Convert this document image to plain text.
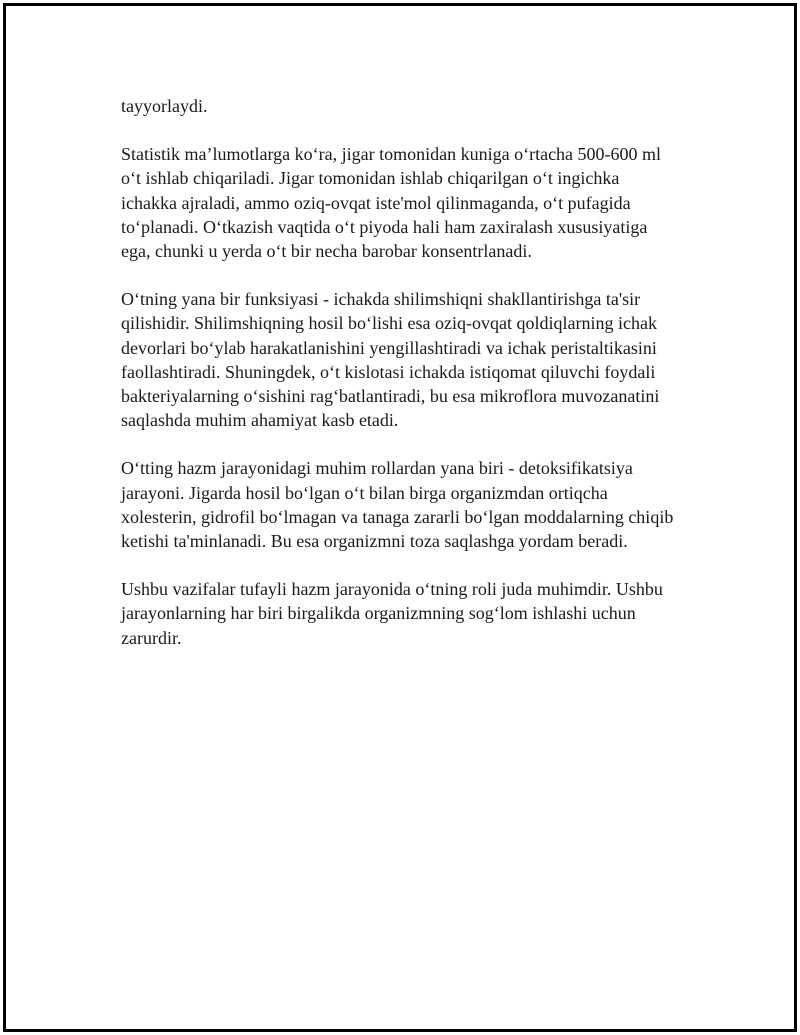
tayyorlaydi.

Statistik ma’lumotlarga ko‘ra, jigar tomonidan kuniga o‘rtacha 500-600 ml
o‘t ishlab chiqariladi. Jigar tomonidan ishlab chiqarilgan o‘t ingichka
ichakka ajraladi, ammo oziq-ovqat iste'mol qilinmaganda, o‘t pufagida
to‘planadi. O‘tkazish vaqtida o‘t piyoda hali ham zaxiralash xususiyatiga
ega, chunki u yerda o‘t bir necha barobar konsentrlanadi.

O‘tning yana bir funksiyasi - ichakda shilimshiqni shakllantirishga ta'sir
qilishidir. Shilimshiqning hosil bo‘lishi esa oziq-ovqat qoldiqlarning ichak
devorlari bo‘ylab harakatlanishini yengillashtiradi va ichak peristaltikasini
faollashtiradi. Shuningdek, o‘t kislotasi ichakda istiqomat qiluvchi foydali
bakteriyalarning o‘sishini rag‘batlantiradi, bu esa mikroflora muvozanatini
saqlashda muhim ahamiyat kasb etadi.

O‘tting hazm jarayonidagi muhim rollardan yana biri - detoksifikatsiya
jarayoni. Jigarda hosil bo‘lgan o‘t bilan birga organizmdan ortiqcha
xolesterin, gidrofil bo‘lmagan va tanaga zararli bo‘lgan moddalarning chiqib
ketishi ta'minlanadi. Bu esa organizmni toza saqlashga yordam beradi.

Ushbu vazifalar tufayli hazm jarayonida o‘tning roli juda muhimdir. Ushbu
jarayonlarning har biri birgalikda organizmning sog‘lom ishlashi uchun
zarurdir.
